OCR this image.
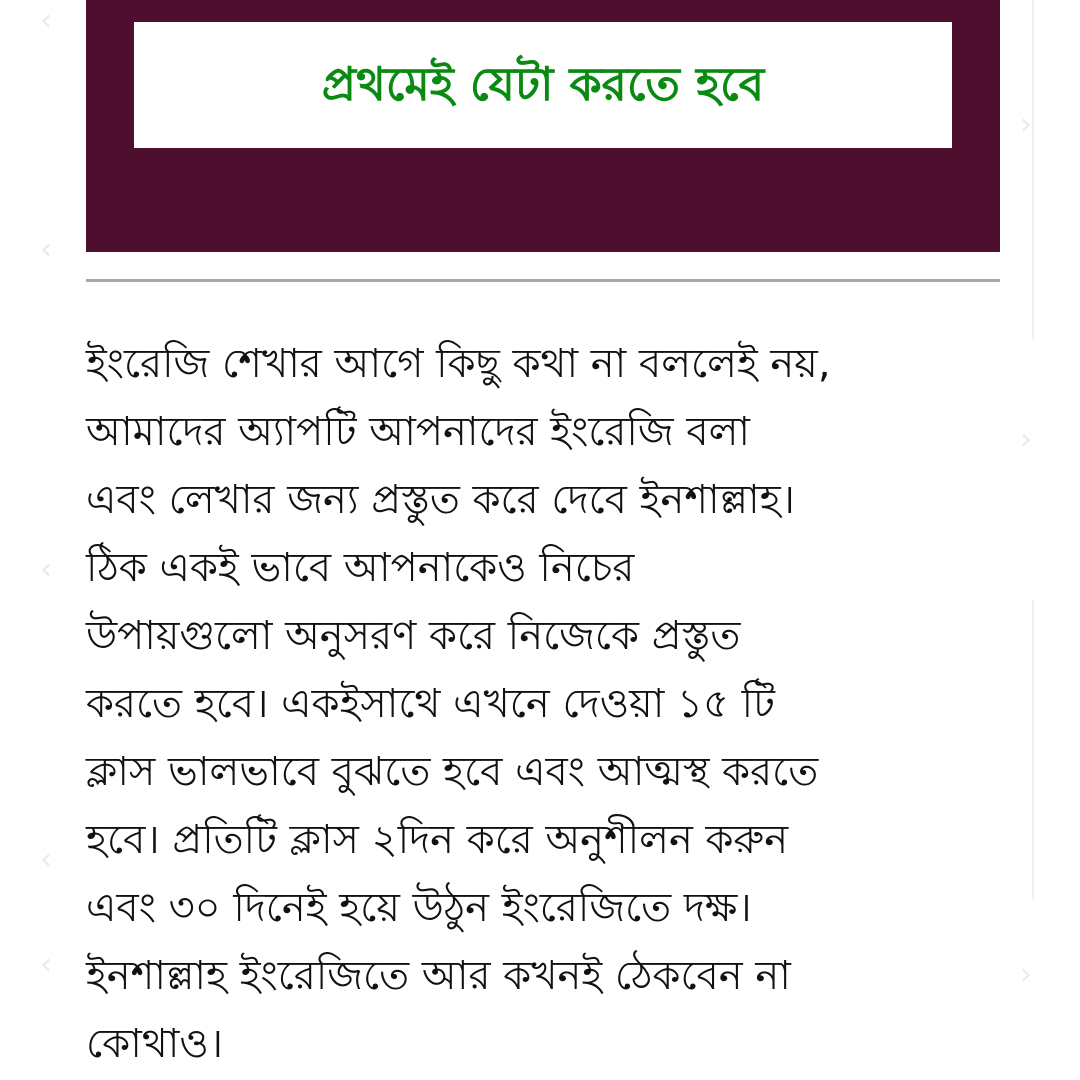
‹
‹
‹
‹
‹
›
›
›
প্রথমেই যেটা করতে হবে

ইংরেজি শেখার আগে কিছু কথা না বললেই নয়,
আমাদের অ্যাপটি আপনাদের ইংরেজি বলা
এবং লেখার জন্য প্রস্তুত করে দেবে ইনশাল্লাহ।
ঠিক একই ভাবে আপনাকেও নিচের
উপায়গুলো অনুসরণ করে নিজেকে প্রস্তুত
করতে হবে। একইসাথে এখনে দেওয়া ১৫ টি
ক্লাস ভালভাবে বুঝতে হবে এবং আত্মস্থ করতে
হবে। প্রতিটি ক্লাস ২দিন করে অনুশীলন করুন
এবং ৩০ দিনেই হয়ে উঠুন ইংরেজিতে দক্ষ।
ইনশাল্লাহ ইংরেজিতে আর কখনই ঠেকবেন না
কোথাও।
